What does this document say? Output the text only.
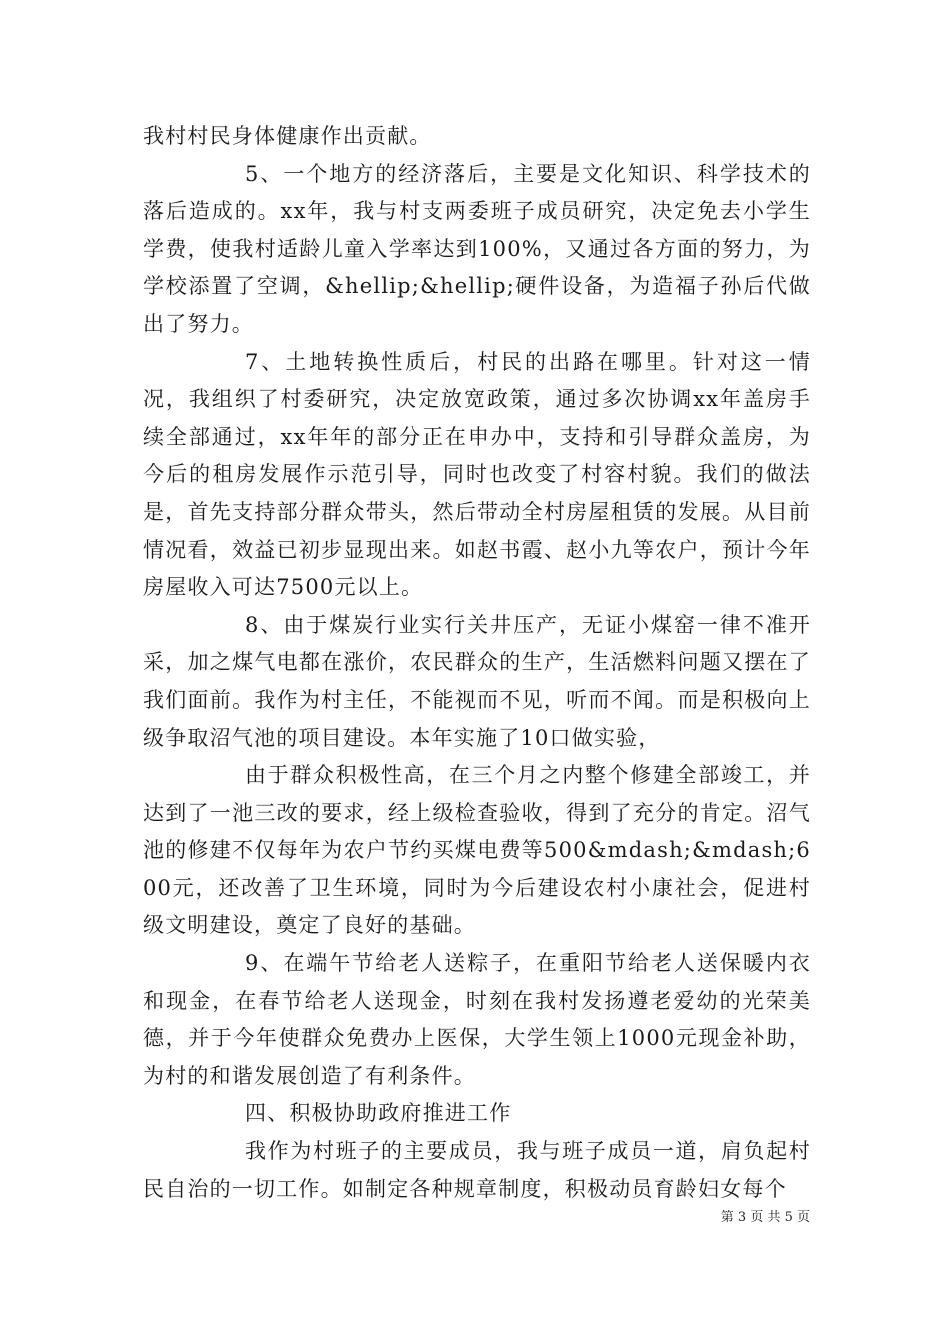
我村村民身体健康作出贡献。

5、一个地方的经济落后，主要是文化知识、科学技术的落后造成的。xx年，我与村支两委班子成员研究，决定免去小学生学费，使我村适龄儿童入学率达到100%，又通过各方面的努力，为学校添置了空调，&hellip;&hellip;硬件设备，为造福子孙后代做出了努力。

7、土地转换性质后，村民的出路在哪里。针对这一情况，我组织了村委研究，决定放宽政策，通过多次协调xx年盖房手续全部通过，xx年年的部分正在申办中，支持和引导群众盖房，为今后的租房发展作示范引导，同时也改变了村容村貌。我们的做法是，首先支持部分群众带头，然后带动全村房屋租赁的发展。从目前情况看，效益已初步显现出来。如赵书霞、赵小九等农户，预计今年房屋收入可达7500元以上。

8、由于煤炭行业实行关井压产，无证小煤窑一律不准开采，加之煤气电都在涨价，农民群众的生产，生活燃料问题又摆在了我们面前。我作为村主任，不能视而不见，听而不闻。而是积极向上级争取沼气池的项目建设。本年实施了10口做实验，

由于群众积极性高，在三个月之内整个修建全部竣工，并达到了一池三改的要求，经上级检查验收，得到了充分的肯定。沼气池的修建不仅每年为农户节约买煤电费等500&mdash;&mdash;600元，还改善了卫生环境，同时为今后建设农村小康社会，促进村级文明建设，奠定了良好的基础。

9、在端午节给老人送粽子，在重阳节给老人送保暖内衣和现金，在春节给老人送现金，时刻在我村发扬遵老爱幼的光荣美德，并于今年使群众免费办上医保，大学生领上1000元现金补助，为村的和谐发展创造了有利条件。

四、积极协助政府推进工作

我作为村班子的主要成员，我与班子成员一道，肩负起村民自治的一切工作。如制定各种规章制度，积极动员育龄妇女每个

第 3 页 共 5 页
